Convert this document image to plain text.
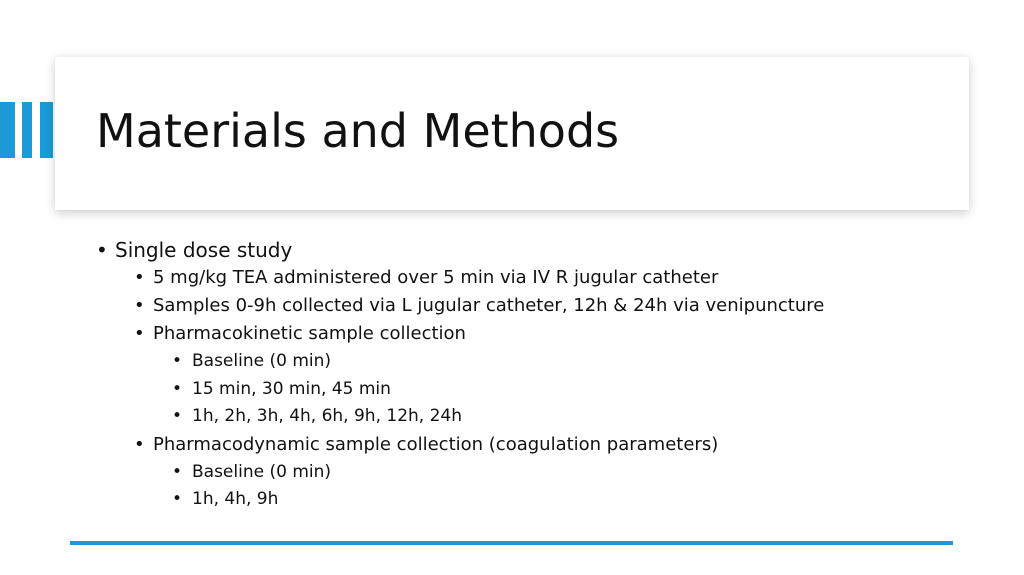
Materials and Methods
• Single dose study
• 5 mg/kg TEA administered over 5 min via IV R jugular catheter
• Samples 0-9h collected via L jugular catheter, 12h & 24h via venipuncture
• Pharmacokinetic sample collection
• Baseline (0 min)
• 15 min, 30 min, 45 min
• 1h, 2h, 3h, 4h, 6h, 9h, 12h, 24h
• Pharmacodynamic sample collection (coagulation parameters)
• Baseline (0 min)
• 1h, 4h, 9h
